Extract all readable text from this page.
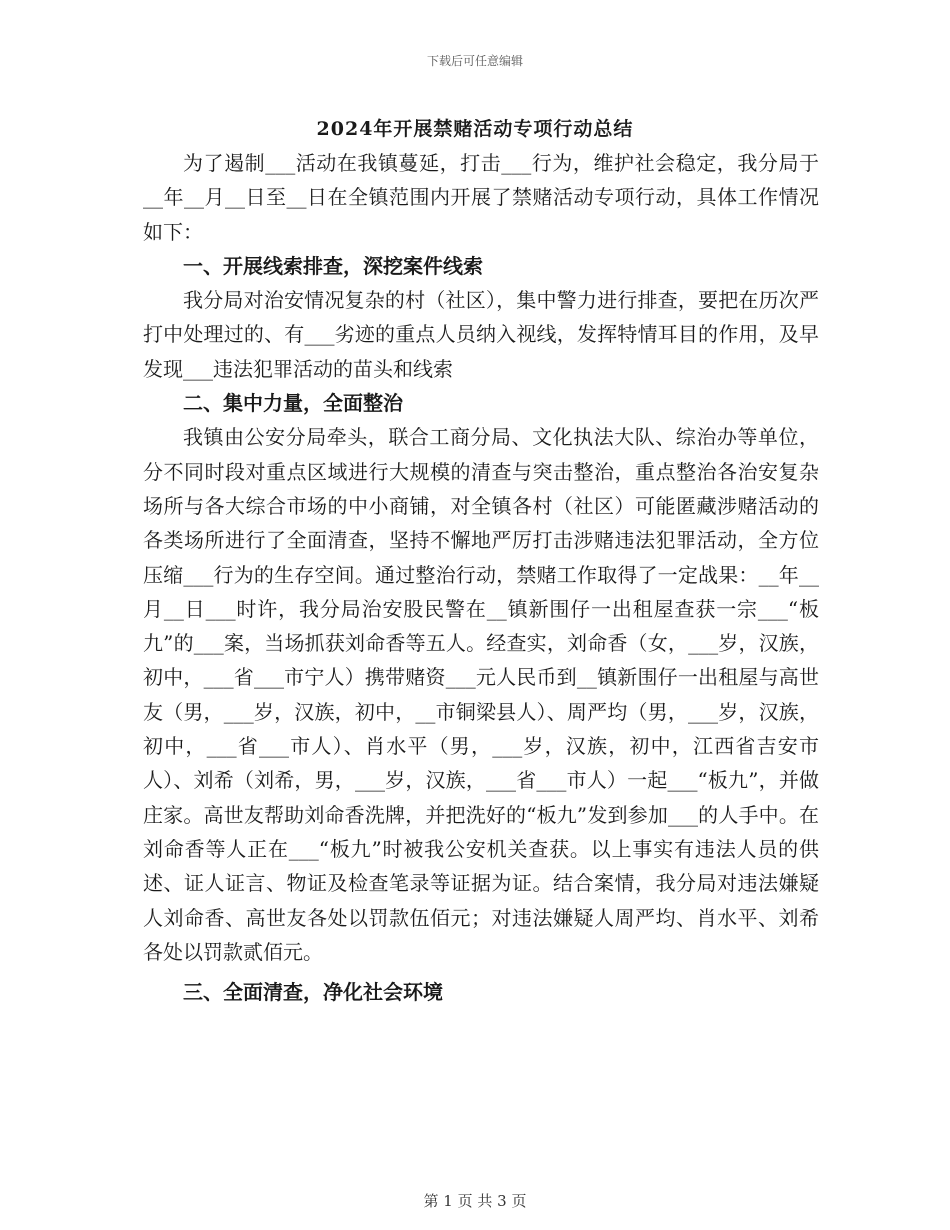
下载后可任意编辑
2024年开展禁赌活动专项行动总结

为了遏制___活动在我镇蔓延，打击___行为，维护社会稳定，我分局于__年__月__日至__日在全镇范围内开展了禁赌活动专项行动，具体工作情况如下：

一、开展线索排查，深挖案件线索

我分局对治安情况复杂的村（社区），集中警力进行排查，要把在历次严打中处理过的、有___劣迹的重点人员纳入视线，发挥特情耳目的作用，及早发现___违法犯罪活动的苗头和线索

二、集中力量，全面整治

我镇由公安分局牵头，联合工商分局、文化执法大队、综治办等单位，分不同时段对重点区域进行大规模的清查与突击整治，重点整治各治安复杂场所与各大综合市场的中小商铺，对全镇各村（社区）可能匿藏涉赌活动的各类场所进行了全面清查，坚持不懈地严厉打击涉赌违法犯罪活动，全方位压缩___行为的生存空间。通过整治行动，禁赌工作取得了一定战果：__年__月__日___时许，我分局治安股民警在__镇新围仔一出租屋查获一宗___“板九”的___案，当场抓获刘命香等五人。经查实，刘命香（女，___岁，汉族，初中，___省___市宁人）携带赌资___元人民币到__镇新围仔一出租屋与高世友（男，___岁，汉族，初中，__市铜梁县人）、周严均（男，___岁，汉族，初中，___省___市人）、肖水平（男，___岁，汉族，初中，江西省吉安市人）、刘希（刘希，男，___岁，汉族，___省___市人）一起___“板九”，并做庄家。高世友帮助刘命香洗牌，并把洗好的“板九”发到参加___的人手中。在刘命香等人正在___“板九”时被我公安机关查获。以上事实有违法人员的供述、证人证言、物证及检查笔录等证据为证。结合案情，我分局对违法嫌疑人刘命香、高世友各处以罚款伍佰元；对违法嫌疑人周严均、肖水平、刘希各处以罚款贰佰元。

三、全面清查，净化社会环境
第 1 页 共 3 页
